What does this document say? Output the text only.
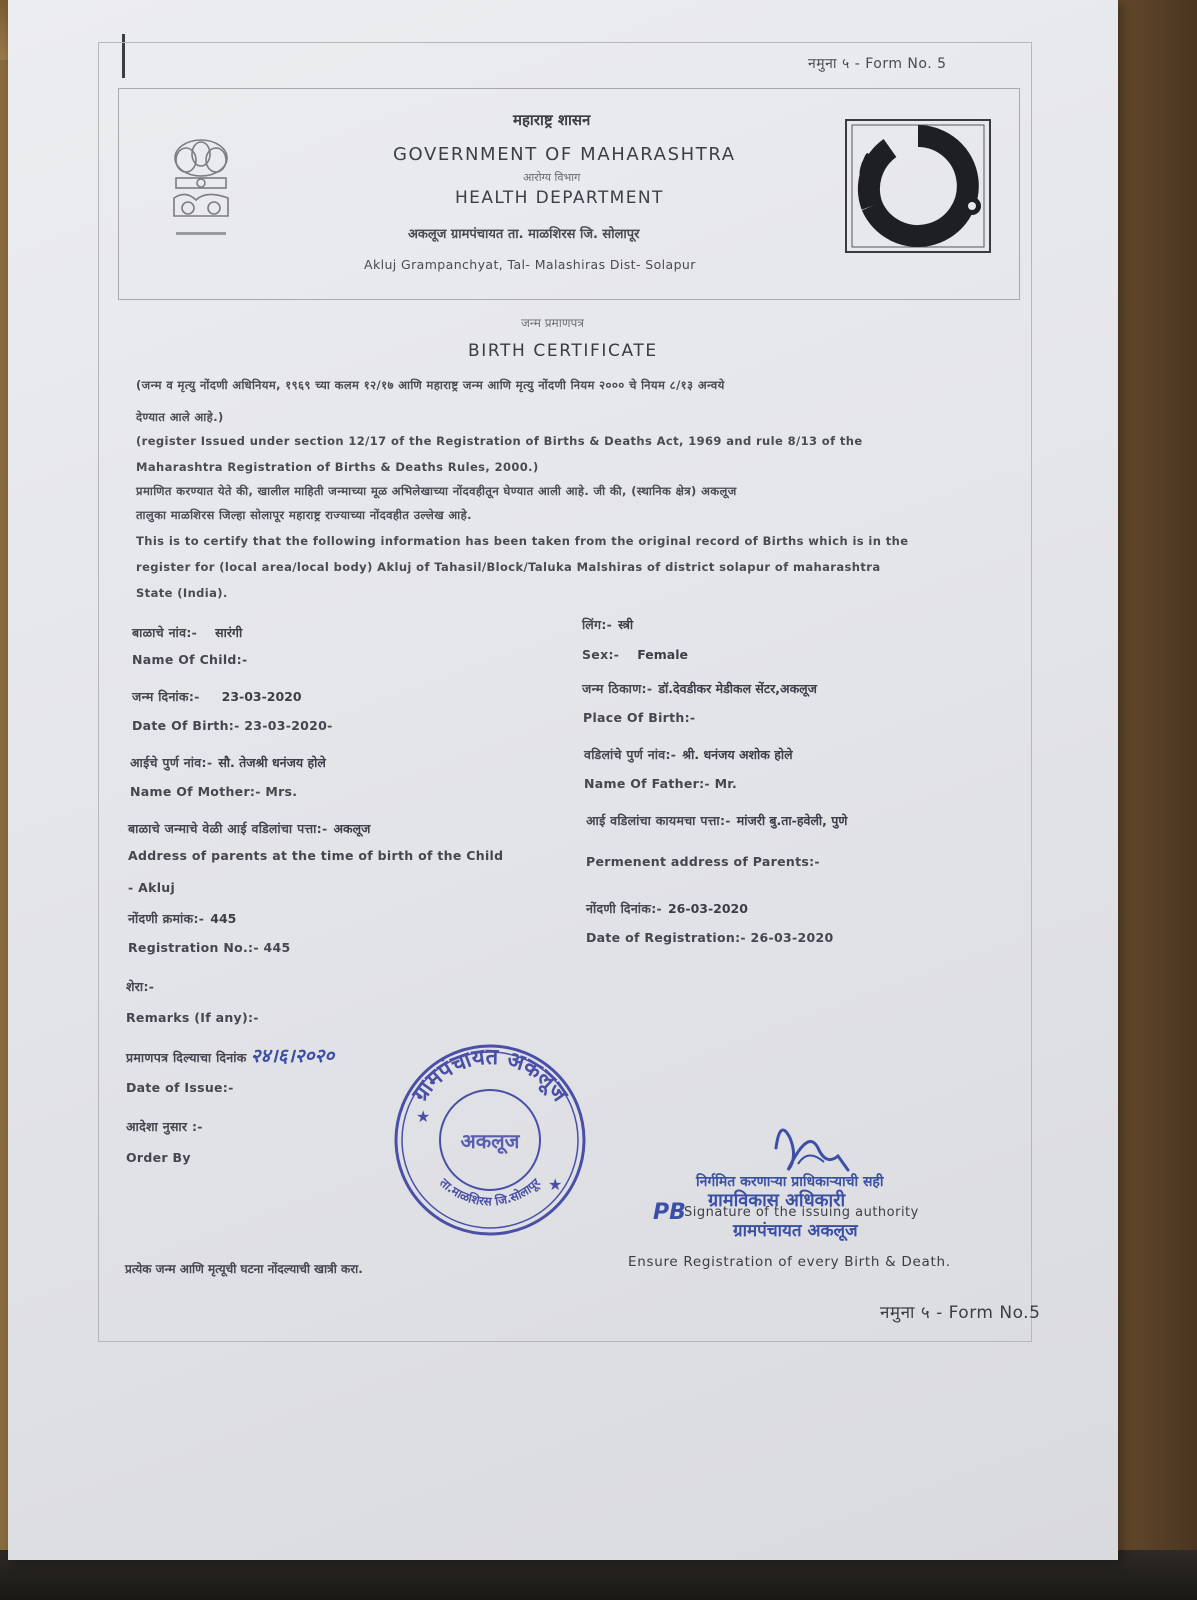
नमुना ५ - Form No. 5
महाराष्ट्र शासन
GOVERNMENT OF MAHARASHTRA
आरोग्य विभाग
HEALTH DEPARTMENT
अकलूज ग्रामपंचायत ता. माळशिरस जि. सोलापूर
Akluj Grampanchyat, Tal- Malashiras Dist- Solapur
जन्म प्रमाणपत्र
BIRTH CERTIFICATE
(जन्म व मृत्यु नोंदणी अधिनियम, १९६९ च्या कलम १२/१७ आणि महाराष्ट्र जन्म आणि मृत्यु नोंदणी नियम २००० चे नियम ८/१३ अन्वये
देण्यात आले आहे.)
(register Issued under section 12/17 of the Registration of Births & Deaths Act, 1969 and rule 8/13 of the
Maharashtra Registration of Births & Deaths Rules, 2000.)
प्रमाणित करण्यात येते की, खालील माहिती जन्माच्या मूळ अभिलेखाच्या नोंदवहीतून घेण्यात आली आहे. जी की, (स्थानिक क्षेत्र) अकलूज
तालुका माळशिरस जिल्हा सोलापूर महाराष्ट्र राज्याच्या नोंदवहीत उल्लेख आहे.
This is to certify that the following information has been taken from the original record of Births which is in the
register for (local area/local body) Akluj of Tahasil/Block/Taluka Malshiras of district solapur of maharashtra
State (India).
बाळाचे नांव:- सारंगी
Name Of Child:-
जन्म दिनांक:- 23-03-2020
Date Of Birth:- 23-03-2020-
आईचे पुर्ण नांव:- सौ. तेजश्री धनंजय होले
Name Of Mother:- Mrs.
बाळाचे जन्माचे वेळी आई वडिलांचा पत्ता:- अकलूज
Address of parents at the time of birth of the Child
- Akluj
नोंदणी क्रमांक:- 445
Registration No.:- 445
शेरा:-
Remarks (If any):-
प्रमाणपत्र दिल्याचा दिनांक २४।६।२०२०
Date of Issue:-
आदेशा नुसार :-
Order By
लिंग:- स्त्री
Sex:- Female
जन्म ठिकाण:- डॉ.देवडीकर मेडीकल सेंटर,अकलूज
Place Of Birth:-
वडिलांचे पुर्ण नांव:- श्री. धनंजय अशोक होले
Name Of Father:- Mr.
आई वडिलांचा कायमचा पत्ता:- मांजरी बु.ता-हवेली, पुणे
Permenent address of Parents:-
नोंदणी दिनांक:- 26-03-2020
Date of Registration:- 26-03-2020
ग्रामपंचायत अकलूज
ता.माळशिरस जि.सोलापूर
अकलूज
★
★	निर्गमित करणाऱ्या प्राधिकाऱ्याची सही
ग्रामविकास अधिकारी
PB
Signature of the issuing authority
ग्रामपंचायत अकलूज
Ensure Registration of every Birth & Death.
प्रत्येक जन्म आणि मृत्यूची घटना नोंदल्याची खात्री करा.
नमुना ५ - Form No.5
